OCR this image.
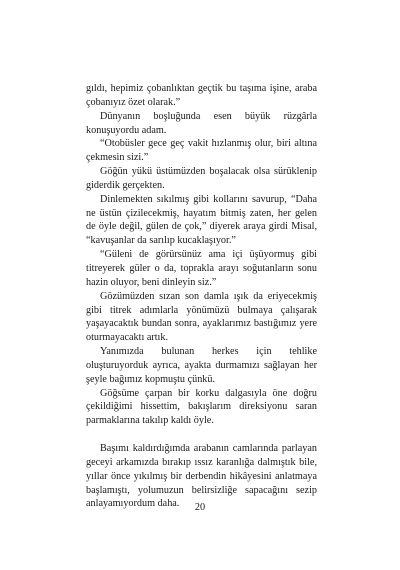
gıldı, hepimiz çobanlıktan geçtik bu taşıma işine, araba çobanıyız özet olarak.”

Dünyanın boşluğunda esen büyük rüzgârla konuşuyordu adam.

“Otobüsler gece geç vakit hızlanmış olur, biri altına çekmesin sizi.”

Göğün yükü üstümüzden boşalacak olsa sürüklenip giderdik gerçekten.

Dinlemekten sıkılmış gibi kollarını savurup, “Daha ne üstün çizilecekmiş, hayatım bitmiş zaten, her gelen de öyle değil, gülen de çok,” diyerek araya girdi Misal, “kavuşanlar da sarılıp kucaklaşıyor.”

“Güleni de görürsünüz ama içi üşüyormuş gibi titreyerek güler o da, toprakla arayı soğutanların sonu hazin oluyor, beni dinleyin siz.”

Gözümüzden sızan son damla ışık da eriyecekmiş gibi titrek adımlarla yönümüzü bulmaya çalışarak yaşayacaktık bundan sonra, ayaklarımız bastığımız yere oturmayacaktı artık.

Yanımızda bulunan herkes için tehlike oluşturuyorduk ayrıca, ayakta durmamızı sağlayan her şeyle bağımız kopmuştu çünkü.

Göğsüme çarpan bir korku dalgasıyla öne doğru çekildiğimi hissettim, bakışlarım direksiyonu saran parmaklarına takılıp kaldı öyle.

Başımı kaldırdığımda arabanın camlarında parlayan geceyi arkamızda bırakıp ıssız karanlığa dalmıştık bile, yıllar önce yıkılmış bir derbendin hikâyesini anlatmaya başlamıştı, yolumuzun belirsizliğe sapacağını sezip anlayamıyordum daha.	20
